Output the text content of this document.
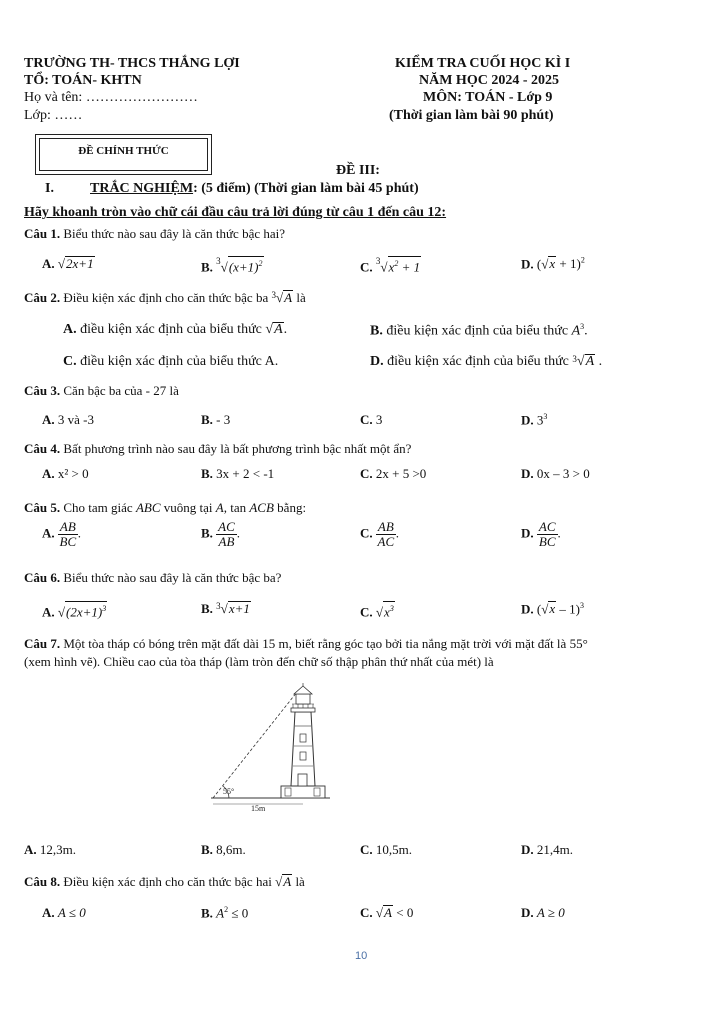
TRƯỜNG TH- THCS THẮNG LỢI
TỔ: TOÁN- KHTN
Họ và tên: ……………………
Lớp: ……
KIỂM TRA CUỐI HỌC KÌ I
NĂM HỌC 2024 - 2025
MÔN: TOÁN - Lớp 9
(Thời gian làm bài 90 phút)
ĐỀ CHÍNH THỨC
ĐỀ III:
I.	TRẮC NGHIỆM: (5 điểm) (Thời gian làm bài 45 phút)
Hãy khoanh tròn vào chữ cái đầu câu trả lời đúng từ câu 1 đến câu 12:
Câu 1. Biểu thức nào sau đây là căn thức bậc hai?
A. √2x+1	B. $^3√(x+1)^2$	C. $^3√x^2 + 1$	D. $(√x + 1)^2$
Câu 2. Điều kiện xác định cho căn thức bậc ba $^3$√A là
A. điều kiện xác định của biểu thức √A.	B. điều kiện xác định của biểu thức $A^3$.
C. điều kiện xác định của biểu thức A.	D. điều kiện xác định của biểu thức $^3$√A .
Câu 3. Căn bậc ba của - 27 là
A. 3 và -3	B. - 3	C. 3	D. $3^3$
Câu 4. Bất phương trình nào sau đây là bất phương trình bậc nhất một ẩn?
A. x² > 0	B. 3x + 2 < -1	C. 2x + 5 >0	D. 0x – 3 > 0
Câu 5. Cho tam giác ABC vuông tại A, tan ACB bằng:
A. $\frac{AB}{BC}$ .	B. $\frac{AC}{AB}$ .	C. $\frac{AB}{AC}$ .	D. $\frac{AC}{BC}$ .
Câu 6. Biểu thức nào sau đây là căn thức bậc ba?
A. $√(2x+1)^3$	B. $^3$√x+1	C. $√x^3$	D. (√x – 1)$^3$
Câu 7. Một tòa tháp có bóng trên mặt đất dài 15 m, biết rằng góc tạo bởi tia nắng mặt trời với mặt đất là 55°
(xem hình vẽ). Chiều cao của tòa tháp (làm tròn đến chữ số thập phân thứ nhất của mét) là
55°
15m
A. 12,3m.	B. 8,6m.	C. 10,5m.	D. 21,4m.
Câu 8. Điều kiện xác định cho căn thức bậc hai √A là
A. A ≤ 0	B. $A^2 \le 0$	C. √A < 0	D. A ≥ 0
10
